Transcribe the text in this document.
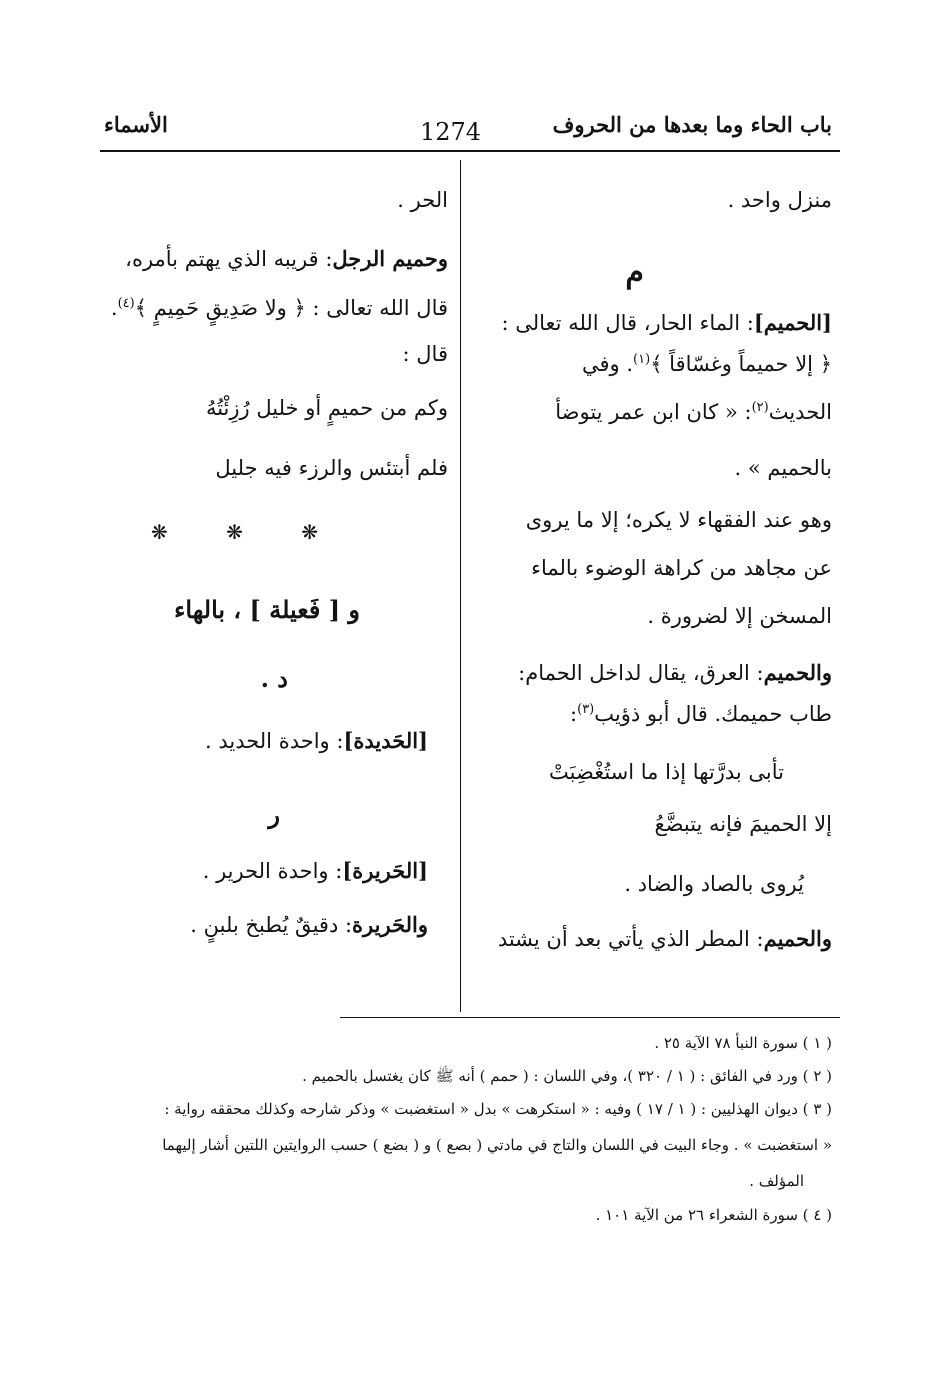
باب الحاء وما بعدها من الحروف
1274
الأسماء
منزل واحد .
م
[الحميم]: الماء الحار، قال الله تعالى :
﴿ إلا حميماً وغسّاقاً ﴾$^{(١)}$. وفي
الحديث$^{(٢)}$: « كان ابن عمر يتوضأ
بالحميم » .
وهو عند الفقهاء لا يكره؛ إلا ما يروى
عن مجاهد من كراهة الوضوء بالماء
المسخن إلا لضرورة .
والحميم: العرق، يقال لداخل الحمام:
طاب حميمك. قال أبو ذؤيب$^{(٣)}$:
تأبى بدرَّتها إذا ما استُغْضِبَتْ
إلا الحميمَ فإنه يتبضَّعُ
يُروى بالصاد والضاد .
والحميم: المطر الذي يأتي بعد أن يشتد
الحر .
وحميم الرجل: قريبه الذي يهتم بأمره،
قال الله تعالى : ﴿ ولا صَدِيقٍ حَمِيمٍ ﴾$^{(٤)}$.
قال :
وكم من حميمٍ أو خليل رُزِئْتُهُ
فلم أبتئس والرزء فيه جليل
❋ ❋ ❋
و [ فَعيلة ] ، بالهاء
د .
[الحَديدة]: واحدة الحديد .
ر
[الحَريرة]: واحدة الحرير .
والحَريرة: دقيقٌ يُطبخ بلبنٍ .
( ١ ) سورة النبأ ٧٨ الآية ٢٥ .
( ٢ ) ورد في الفائق : ( ١ / ٣٢٠ )، وفي اللسان : ( حمم ) أنه ﷺ كان يغتسل بالحميم .
( ٣ ) ديوان الهذليين : ( ١ / ١٧ ) وفيه : « استكرهت » بدل « استغضبت » وذكر شارحه وكذلك محققه رواية :
« استغضبت » . وجاء البيت في اللسان والتاج في مادتي ( بصع ) و ( بضع ) حسب الروايتين اللتين أشار إليهما
المؤلف .
( ٤ ) سورة الشعراء ٢٦ من الآية ١٠١ .
